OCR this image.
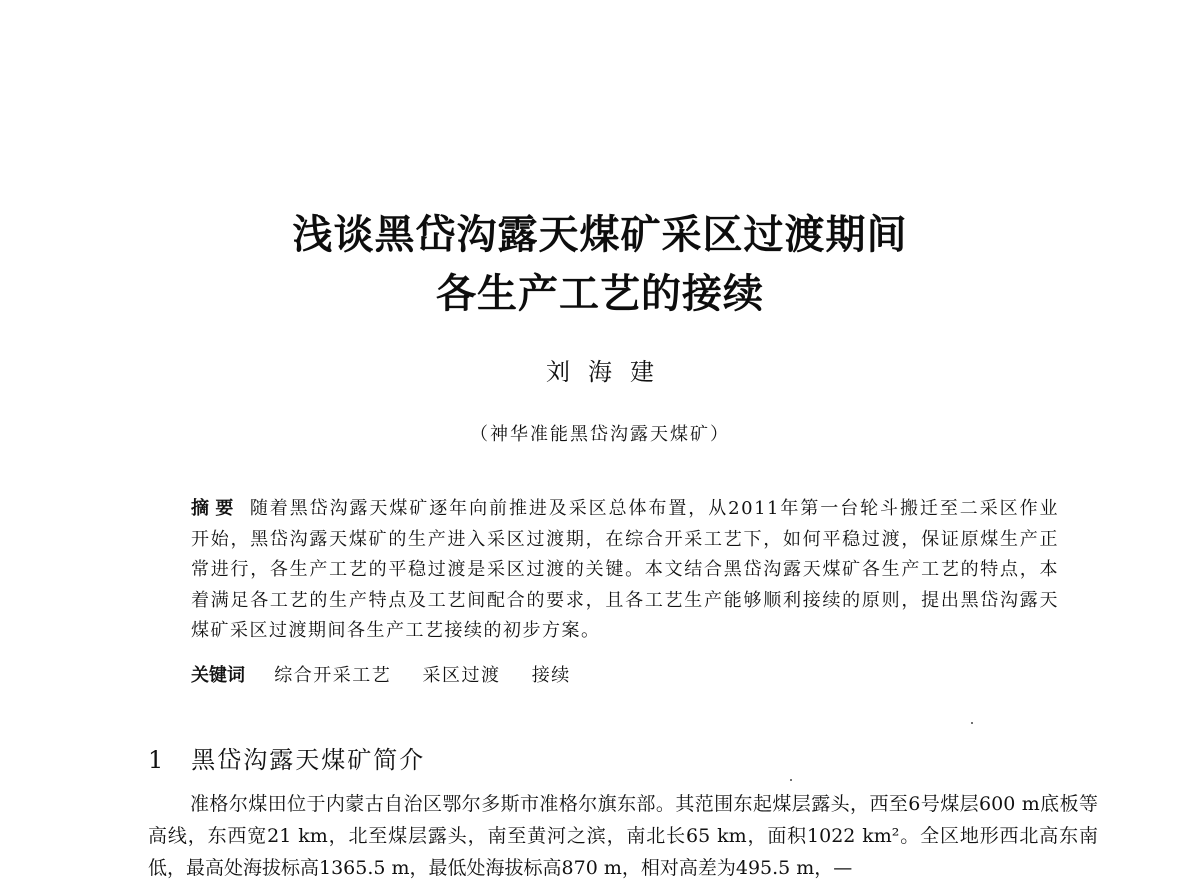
浅谈黑岱沟露天煤矿采区过渡期间
各生产工艺的接续
刘海建
（神华准能黑岱沟露天煤矿）
摘要 随着黑岱沟露天煤矿逐年向前推进及采区总体布置，从2011年第一台轮斗搬迁至二采区作业开始，黑岱沟露天煤矿的生产进入采区过渡期，在综合开采工艺下，如何平稳过渡，保证原煤生产正常进行，各生产工艺的平稳过渡是采区过渡的关键。本文结合黑岱沟露天煤矿各生产工艺的特点，本着满足各工艺的生产特点及工艺间配合的要求，且各工艺生产能够顺利接续的原则，提出黑岱沟露天煤矿采区过渡期间各生产工艺接续的初步方案。
关键词 综合开采工艺 采区过渡 接续
1 黑岱沟露天煤矿简介
准格尔煤田位于内蒙古自治区鄂尔多斯市准格尔旗东部。其范围东起煤层露头，西至6号煤层600 m底板等高线，东西宽21 km，北至煤层露头，南至黄河之滨，南北长65 km，面积1022 km²。全区地形西北高东南低，最高处海拔标高1365.5 m，最低处海拔标高870 m，相对高差为495.5 m，—
